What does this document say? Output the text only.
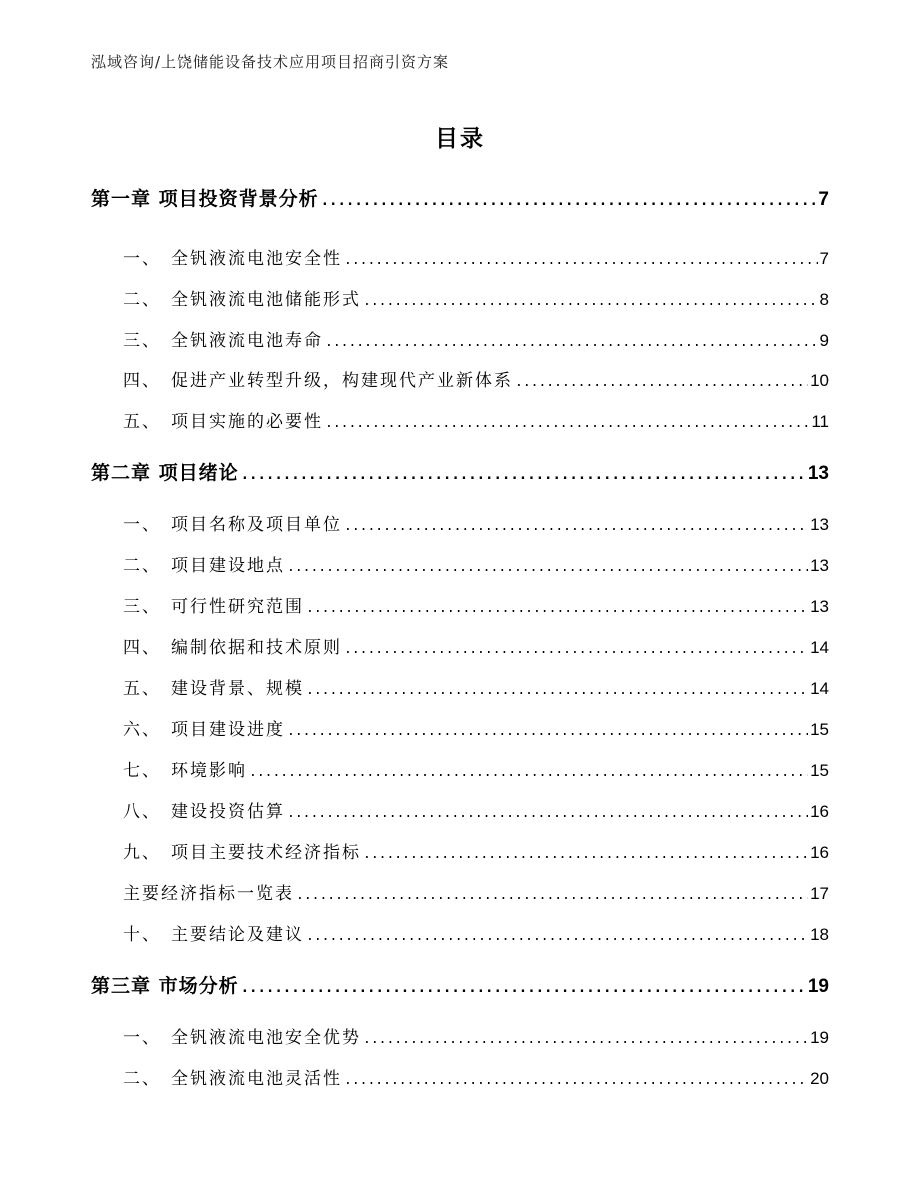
泓域咨询/上饶储能设备技术应用项目招商引资方案
目录
第一章 项目投资背景分析 .....	7
一、 全钒液流电池安全性 .....	7
二、 全钒液流电池储能形式 .....	8
三、 全钒液流电池寿命 .....	9
四、 促进产业转型升级，构建现代产业新体系 .....	10
五、 项目实施的必要性 .....	11
第二章 项目绪论 .....	13
一、 项目名称及项目单位 .....	13
二、 项目建设地点 .....	13
三、 可行性研究范围 .....	13
四、 编制依据和技术原则 .....	14
五、 建设背景、规模 .....	14
六、 项目建设进度 .....	15
七、 环境影响 .....	15
八、 建设投资估算 .....	16
九、 项目主要技术经济指标 .....	16
主要经济指标一览表 .....	17
十、 主要结论及建议 .....	18
第三章 市场分析 .....	19
一、 全钒液流电池安全优势 .....	19
二、 全钒液流电池灵活性 .....	20
